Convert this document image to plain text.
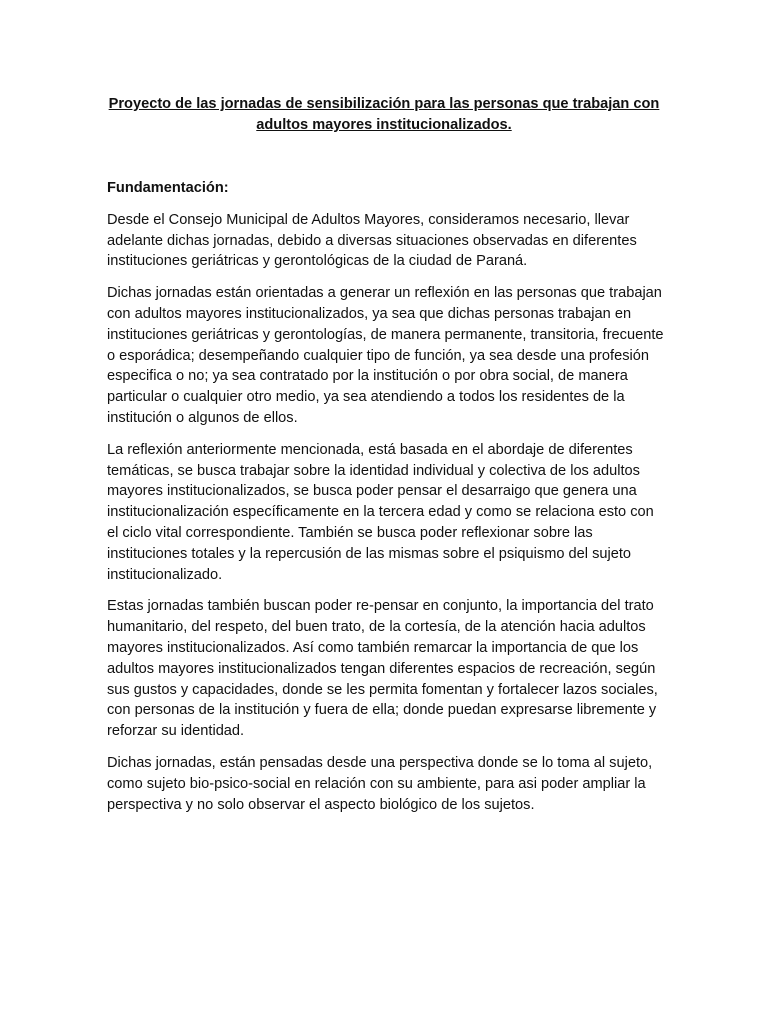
Proyecto de las jornadas de sensibilización para las personas que trabajan con adultos mayores institucionalizados.

Fundamentación:

Desde el Consejo Municipal de Adultos Mayores, consideramos necesario, llevar adelante dichas jornadas, debido a diversas situaciones observadas en diferentes instituciones geriátricas y gerontológicas de la ciudad de Paraná.

Dichas jornadas están orientadas a generar un reflexión en las personas que trabajan con adultos mayores institucionalizados, ya sea que dichas personas trabajan en instituciones geriátricas y gerontologías, de manera permanente, transitoria, frecuente o esporádica; desempeñando cualquier tipo de función, ya sea desde una profesión especifica o no; ya sea contratado por la institución o por obra social, de manera particular o cualquier otro medio, ya sea atendiendo a todos los residentes de la institución o algunos de ellos.

La reflexión anteriormente mencionada, está basada en el abordaje de diferentes temáticas, se busca trabajar sobre la identidad individual y colectiva de los adultos mayores institucionalizados, se busca poder pensar el desarraigo que genera una institucionalización específicamente en la tercera edad y como se relaciona esto con el ciclo vital correspondiente. También se busca poder reflexionar sobre las instituciones totales y la repercusión de las mismas sobre el psiquismo del sujeto institucionalizado.

Estas jornadas también buscan poder re-pensar en conjunto, la importancia del trato humanitario, del respeto, del buen trato, de la cortesía, de la atención hacia adultos mayores institucionalizados. Así como también remarcar la importancia de que los adultos mayores institucionalizados tengan diferentes espacios de recreación, según sus gustos y capacidades, donde se les permita fomentan y fortalecer lazos sociales, con personas de la institución y fuera de ella; donde puedan expresarse libremente y reforzar su identidad.

Dichas jornadas, están pensadas desde una perspectiva donde se lo toma al sujeto, como sujeto bio-psico-social en relación con su ambiente, para asi poder ampliar la perspectiva y no solo observar el aspecto biológico de los sujetos.
